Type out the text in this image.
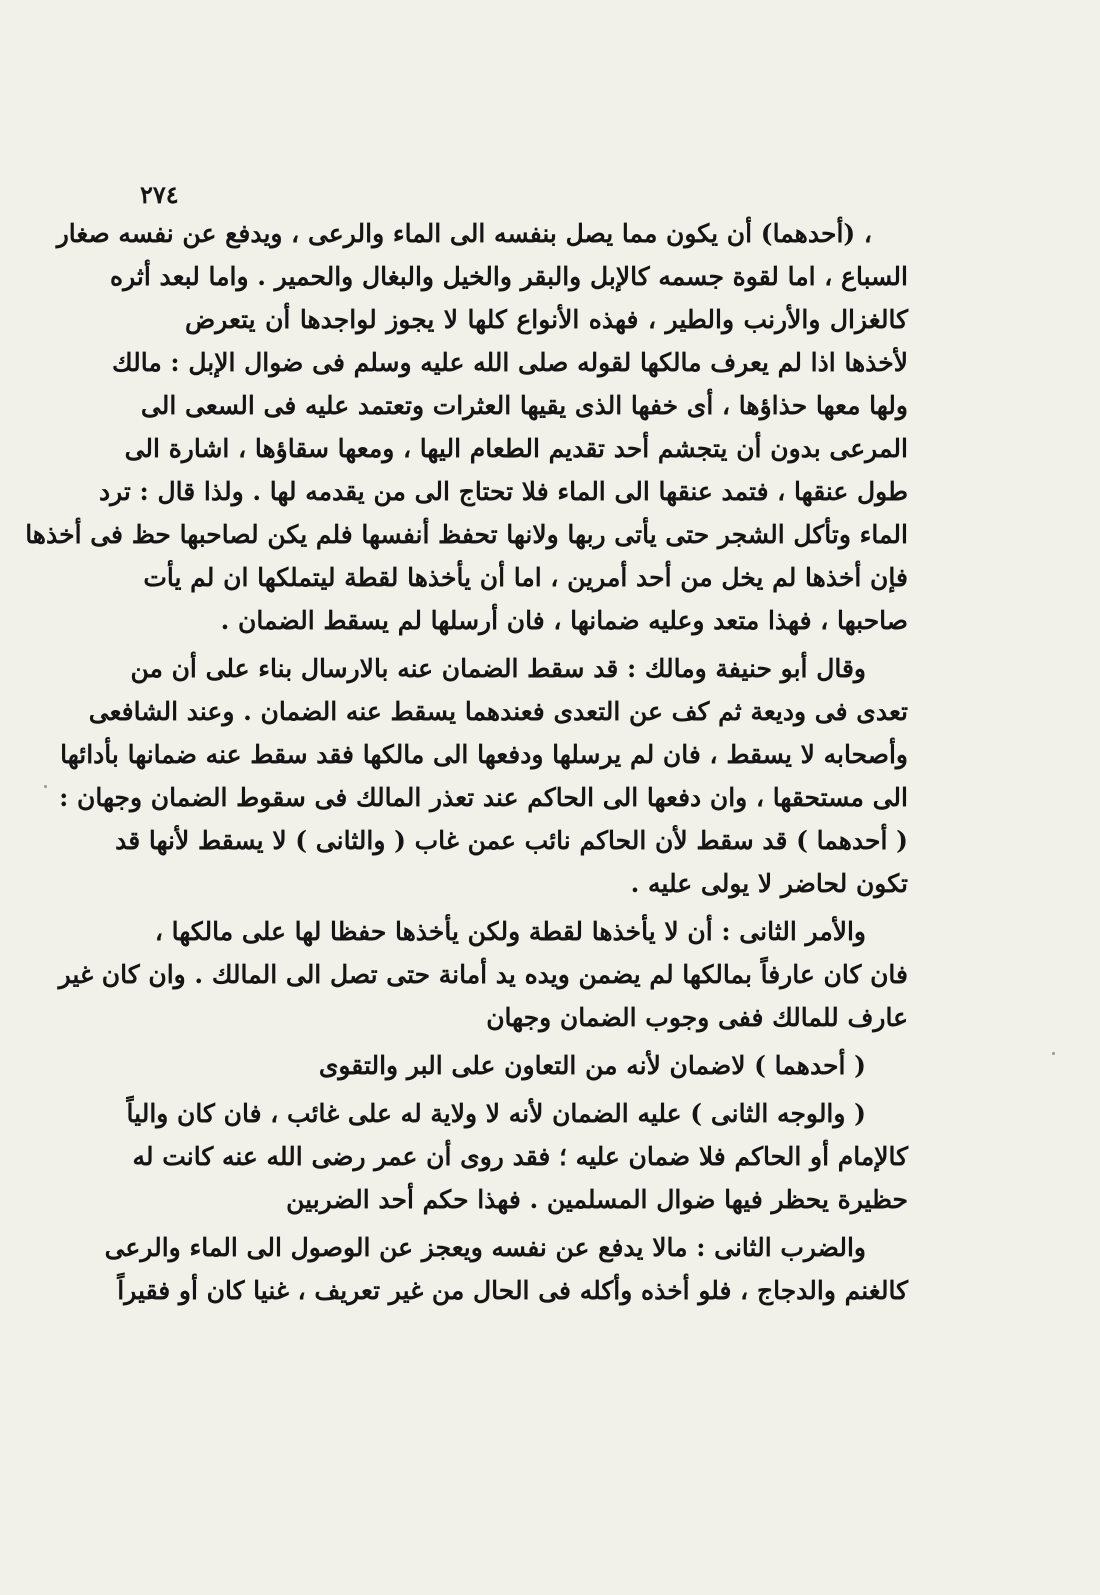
٢٧٤
، (أحدهما) أن يكون مما يصل بنفسه الى الماء والرعى ، ويدفع عن نفسه صغار
السباع ، اما لقوة جسمه كالإبل والبقر والخيل والبغال والحمير . واما لبعد أثره
كالغزال والأرنب والطير ، فهذه الأنواع كلها لا يجوز لواجدها أن يتعرض
لأخذها اذا لم يعرف مالكها لقوله صلى الله عليه وسلم فى ضوال الإبل : مالك
ولها معها حذاؤها ، أى خفها الذى يقيها العثرات وتعتمد عليه فى السعى الى
المرعى بدون أن يتجشم أحد تقديم الطعام اليها ، ومعها سقاؤها ، اشارة الى
طول عنقها ، فتمد عنقها الى الماء فلا تحتاج الى من يقدمه لها . ولذا قال : ترد
الماء وتأكل الشجر حتى يأتى ربها ولانها تحفظ أنفسها فلم يكن لصاحبها حظ فى أخذها
فإن أخذها لم يخل من أحد أمرين ، اما أن يأخذها لقطة ليتملكها ان لم يأت
صاحبها ، فهذا متعد وعليه ضمانها ، فان أرسلها لم يسقط الضمان .
وقال أبو حنيفة ومالك : قد سقط الضمان عنه بالارسال بناء على أن من
تعدى فى وديعة ثم كف عن التعدى فعندهما يسقط عنه الضمان . وعند الشافعى
وأصحابه لا يسقط ، فان لم يرسلها ودفعها الى مالكها فقد سقط عنه ضمانها بأدائها
الى مستحقها ، وان دفعها الى الحاكم عند تعذر المالك فى سقوط الضمان وجهان :
( أحدهما ) قد سقط لأن الحاكم نائب عمن غاب ( والثانى ) لا يسقط لأنها قد
تكون لحاضر لا يولى عليه .
والأمر الثانى : أن لا يأخذها لقطة ولكن يأخذها حفظا لها على مالكها ،
فان كان عارفاً بمالكها لم يضمن ويده يد أمانة حتى تصل الى المالك . وان كان غير
عارف للمالك ففى وجوب الضمان وجهان
( أحدهما ) لاضمان لأنه من التعاون على البر والتقوى
( والوجه الثانى ) عليه الضمان لأنه لا ولاية له على غائب ، فان كان والياً
كالإمام أو الحاكم فلا ضمان عليه ؛ فقد روى أن عمر رضى الله عنه كانت له
حظيرة يحظر فيها ضوال المسلمين . فهذا حكم أحد الضربين
والضرب الثانى : مالا يدفع عن نفسه ويعجز عن الوصول الى الماء والرعى
كالغنم والدجاج ، فلو أخذه وأكله فى الحال من غير تعريف ، غنيا كان أو فقيراً
